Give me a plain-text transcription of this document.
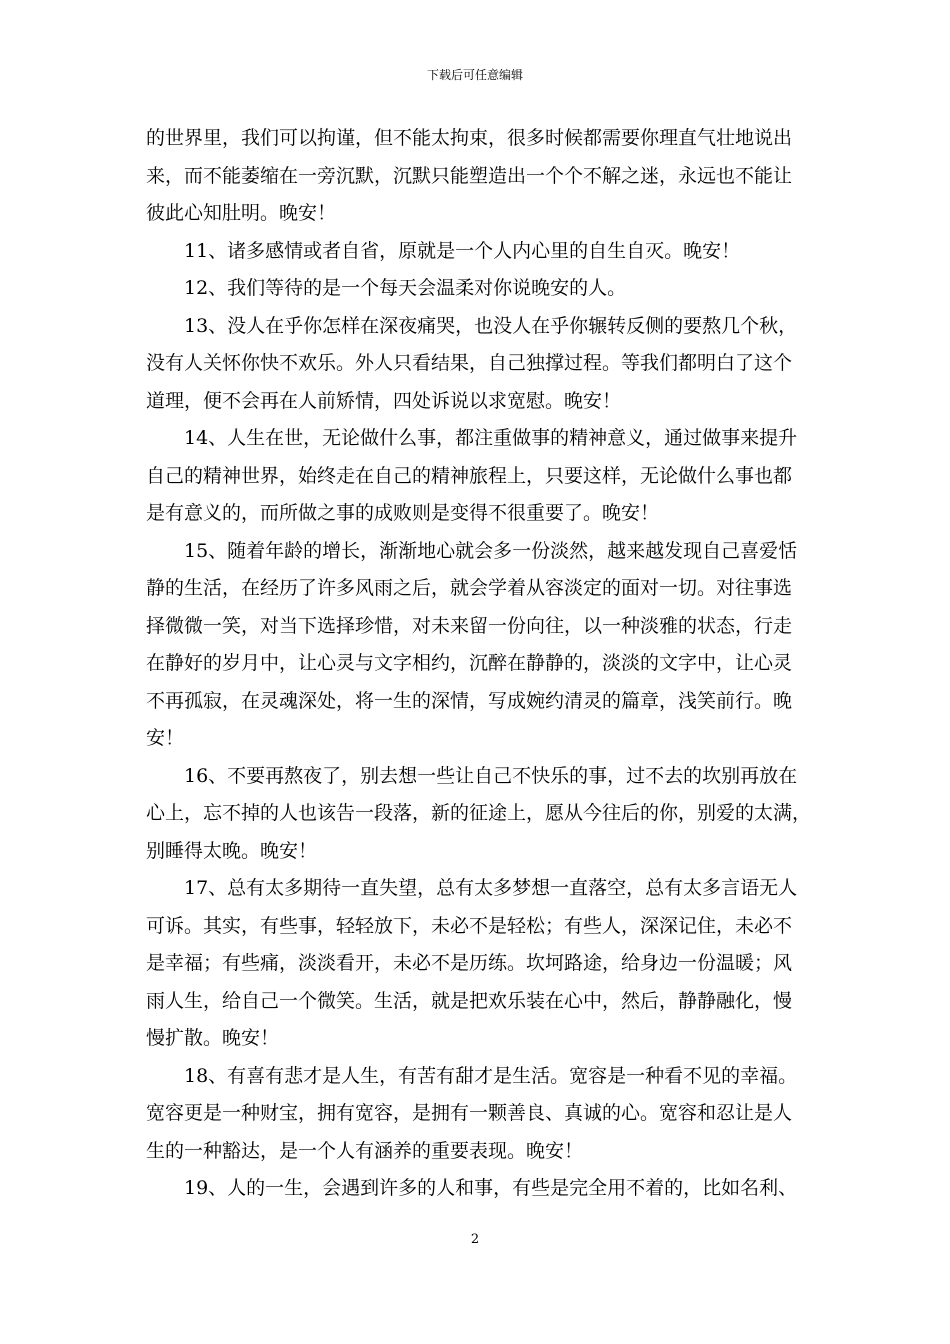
下载后可任意编辑
的世界里，我们可以拘谨，但不能太拘束，很多时候都需要你理直气壮地说出
来，而不能萎缩在一旁沉默，沉默只能塑造出一个个不解之迷，永远也不能让
彼此心知肚明。晚安！
11、诸多感情或者自省，原就是一个人内心里的自生自灭。晚安！
12、我们等待的是一个每天会温柔对你说晚安的人。
13、没人在乎你怎样在深夜痛哭，也没人在乎你辗转反侧的要熬几个秋，
没有人关怀你快不欢乐。外人只看结果，自己独撑过程。等我们都明白了这个
道理，便不会再在人前矫情，四处诉说以求宽慰。晚安！
14、人生在世，无论做什么事，都注重做事的精神意义，通过做事来提升
自己的精神世界，始终走在自己的精神旅程上，只要这样，无论做什么事也都
是有意义的，而所做之事的成败则是变得不很重要了。晚安！
15、随着年龄的增长，渐渐地心就会多一份淡然，越来越发现自己喜爱恬
静的生活，在经历了许多风雨之后，就会学着从容淡定的面对一切。对往事选
择微微一笑，对当下选择珍惜，对未来留一份向往，以一种淡雅的状态，行走
在静好的岁月中，让心灵与文字相约，沉醉在静静的，淡淡的文字中，让心灵
不再孤寂，在灵魂深处，将一生的深情，写成婉约清灵的篇章，浅笑前行。晚
安！
16、不要再熬夜了，别去想一些让自己不快乐的事，过不去的坎别再放在
心上，忘不掉的人也该告一段落，新的征途上，愿从今往后的你，别爱的太满，
别睡得太晚。晚安！
17、总有太多期待一直失望，总有太多梦想一直落空，总有太多言语无人
可诉。其实，有些事，轻轻放下，未必不是轻松；有些人，深深记住，未必不
是幸福；有些痛，淡淡看开，未必不是历练。坎坷路途，给身边一份温暖；风
雨人生，给自己一个微笑。生活，就是把欢乐装在心中，然后，静静融化，慢
慢扩散。晚安！
18、有喜有悲才是人生，有苦有甜才是生活。宽容是一种看不见的幸福。
宽容更是一种财宝，拥有宽容，是拥有一颗善良、真诚的心。宽容和忍让是人
生的一种豁达，是一个人有涵养的重要表现。晚安！
19、人的一生，会遇到许多的人和事，有些是完全用不着的，比如名利、
2
